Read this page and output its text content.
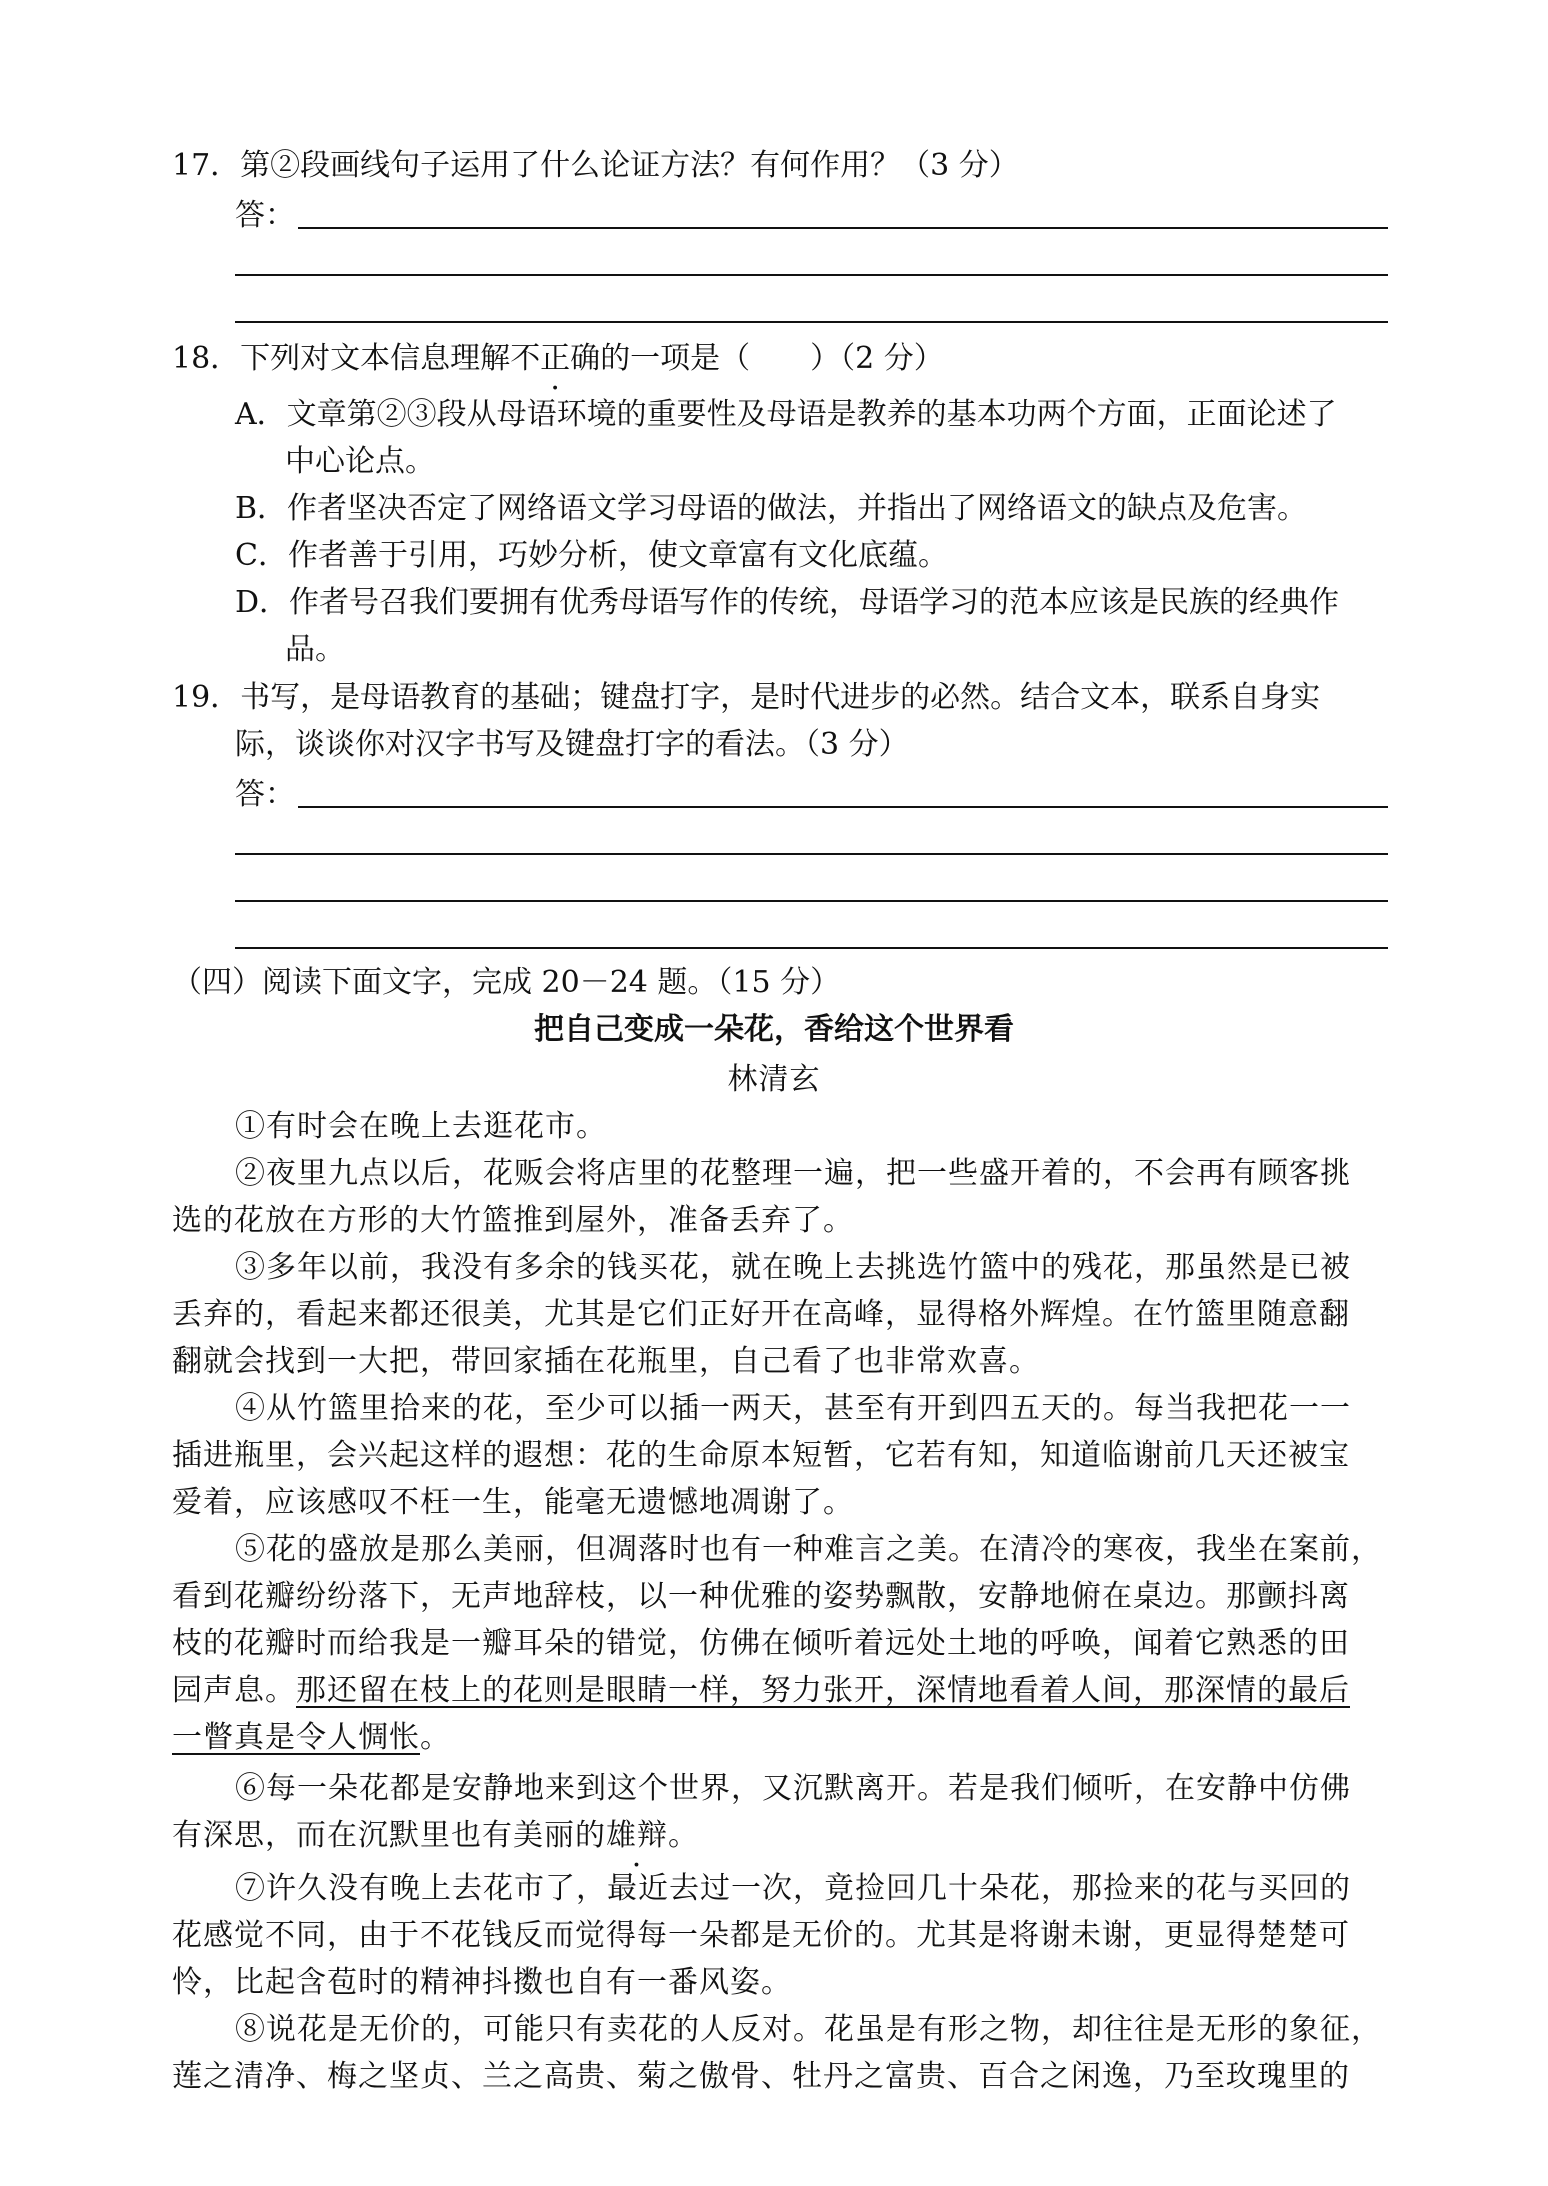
17．第②段画线句子运用了什么论证方法？有何作用？（3 分）
答：
18．下列对文本信息理解不正确的一项是（　　）（2 分）
A．文章第②③段从母语环境的重要性及母语是教养的基本功两个方面，正面论述了
中心论点。
B．作者坚决否定了网络语文学习母语的做法，并指出了网络语文的缺点及危害。
C．作者善于引用，巧妙分析，使文章富有文化底蕴。
D．作者号召我们要拥有优秀母语写作的传统，母语学习的范本应该是民族的经典作
品。
19．书写，是母语教育的基础；键盘打字，是时代进步的必然。结合文本，联系自身实
际，谈谈你对汉字书写及键盘打字的看法。（3 分）
答：
（四）阅读下面文字，完成 20－24 题。（15 分）
把自己变成一朵花，香给这个世界看
林清玄
①有时会在晚上去逛花市。
②夜里九点以后，花贩会将店里的花整理一遍，把一些盛开着的，不会再有顾客挑
选的花放在方形的大竹篮推到屋外，准备丢弃了。
③多年以前，我没有多余的钱买花，就在晚上去挑选竹篮中的残花，那虽然是已被
丢弃的，看起来都还很美，尤其是它们正好开在高峰，显得格外辉煌。在竹篮里随意翻
翻就会找到一大把，带回家插在花瓶里，自己看了也非常欢喜。
④从竹篮里拾来的花，至少可以插一两天，甚至有开到四五天的。每当我把花一一
插进瓶里，会兴起这样的遐想：花的生命原本短暂，它若有知，知道临谢前几天还被宝
爱着，应该感叹不枉一生，能毫无遗憾地凋谢了。
⑤花的盛放是那么美丽，但凋落时也有一种难言之美。在清冷的寒夜，我坐在案前，
看到花瓣纷纷落下，无声地辞枝，以一种优雅的姿势飘散，安静地俯在桌边。那颤抖离
枝的花瓣时而给我是一瓣耳朵的错觉，仿佛在倾听着远处土地的呼唤，闻着它熟悉的田
园声息。那还留在枝上的花则是眼睛一样，努力张开，深情地看着人间，那深情的最后
一瞥真是令人惆怅。
⑥每一朵花都是安静地来到这个世界，又沉默离开。若是我们倾听，在安静中仿佛
有深思，而在沉默里也有美丽的雄辩。
⑦许久没有晚上去花市了，最近去过一次，竟捡回几十朵花，那捡来的花与买回的
花感觉不同，由于不花钱反而觉得每一朵都是无价的。尤其是将谢未谢，更显得楚楚可
怜，比起含苞时的精神抖擞也自有一番风姿。
⑧说花是无价的，可能只有卖花的人反对。花虽是有形之物，却往往是无形的象征，
莲之清净、梅之坚贞、兰之高贵、菊之傲骨、牡丹之富贵、百合之闲逸，乃至玫瑰里的
